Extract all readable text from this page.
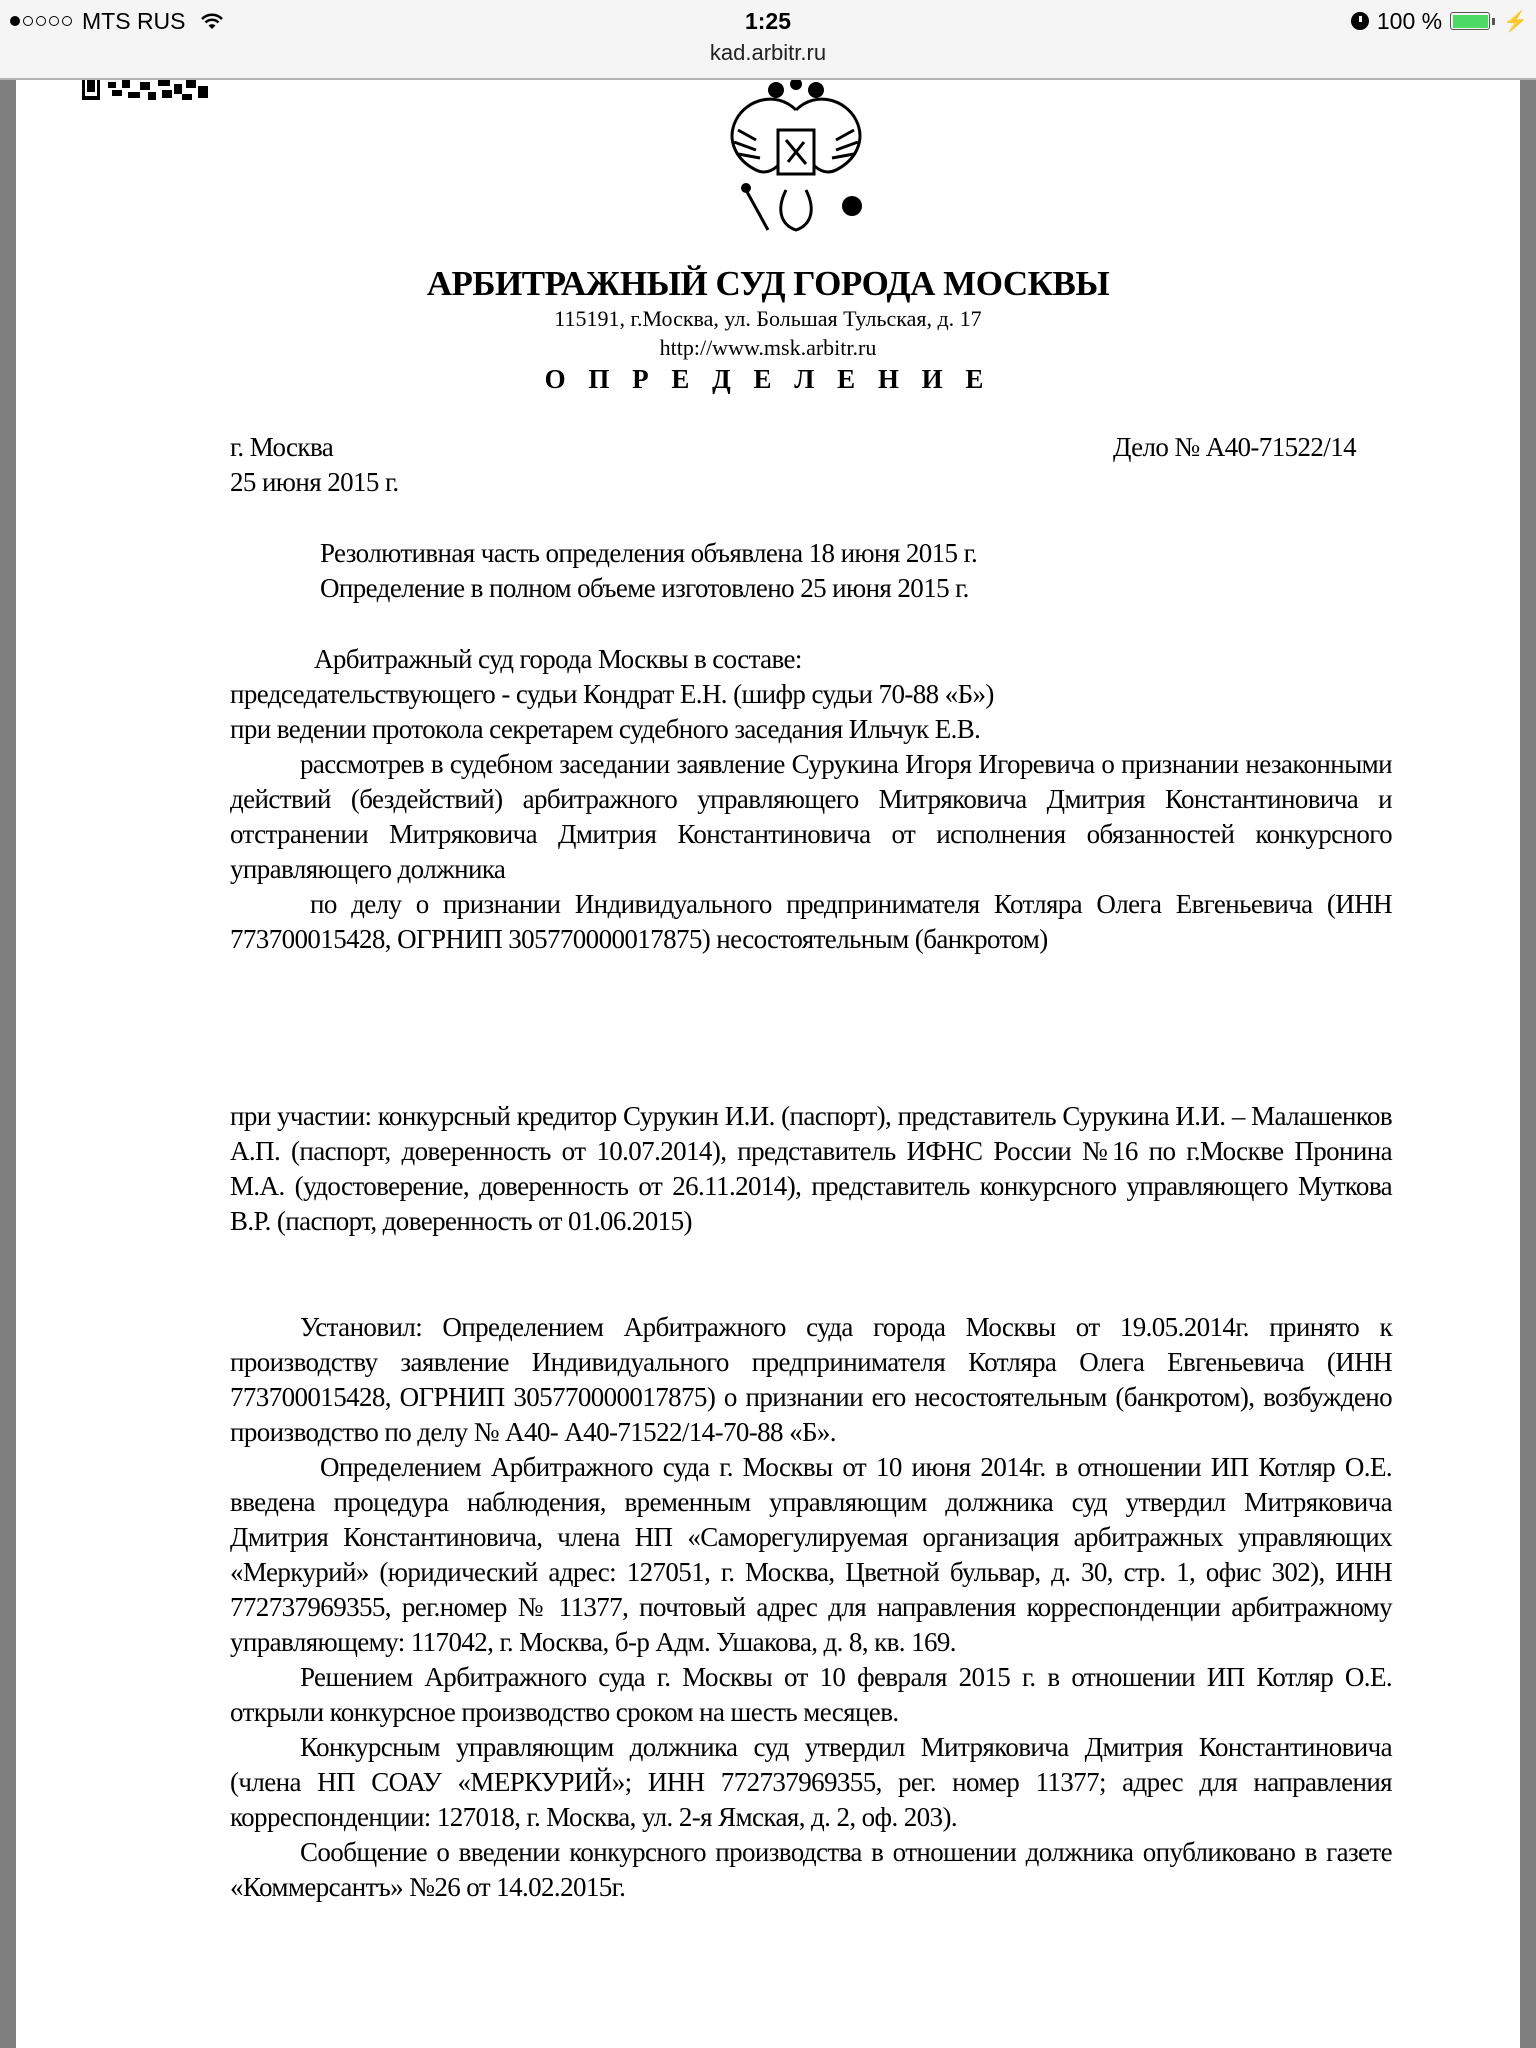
MTS RUS	1:25	100 %	⚡
kad.arbitr.ru
АРБИТРАЖНЫЙ СУД ГОРОДА МОСКВЫ
115191, г.Москва, ул. Большая Тульская, д. 17
http://www.msk.arbitr.ru
О П Р Е Д Е Л Е Н И Е
г. Москва
25 июня 2015 г.
Дело № А40-71522/14
Резолютивная часть определения объявлена 18 июня 2015 г.
Определение в полном объеме изготовлено 25 июня 2015 г.

Арбитражный суд города Москвы в составе:

председательствующего - судьи Кондрат Е.Н. (шифр судьи 70-88 «Б»)

при ведении протокола секретарем судебного заседания Ильчук Е.В.

рассмотрев в судебном заседании заявление Сурукина Игоря Игоревича о признании незаконными действий (бездействий) арбитражного управляющего Митряковича Дмитрия Константиновича и отстранении Митряковича Дмитрия Константиновича от исполнения обязанностей конкурсного управляющего должника

по делу о признании Индивидуального предпринимателя Котляра Олега Евгеньевича (ИНН 773700015428, ОГРНИП 305770000017875) несостоятельным (банкротом)

при участии: конкурсный кредитор Сурукин И.И. (паспорт), представитель Сурукина И.И. – Малашенков А.П. (паспорт, доверенность от 10.07.2014), представитель ИФНС России №16 по г.Москве Пронина М.А. (удостоверение, доверенность от 26.11.2014), представитель конкурсного управляющего Муткова В.Р. (паспорт, доверенность от 01.06.2015)

Установил: Определением Арбитражного суда города Москвы от 19.05.2014г. принято к производству заявление Индивидуального предпринимателя Котляра Олега Евгеньевича (ИНН 773700015428, ОГРНИП 305770000017875) о признании его несостоятельным (банкротом), возбуждено производство по делу № А40- А40-71522/14-70-88 «Б».

Определением Арбитражного суда г. Москвы от 10 июня 2014г. в отношении ИП Котляр О.Е. введена процедура наблюдения, временным управляющим должника суд утвердил Митряковича Дмитрия Константиновича, члена НП «Саморегулируемая организация арбитражных управляющих «Меркурий» (юридический адрес: 127051, г. Москва, Цветной бульвар, д. 30, стр. 1, офис 302), ИНН 772737969355, рег.номер № 11377, почтовый адрес для направления корреспонденции арбитражному управляющему: 117042, г. Москва, б-р Адм. Ушакова, д. 8, кв. 169.

Решением Арбитражного суда г. Москвы от 10 февраля 2015 г. в отношении ИП Котляр О.Е. открыли конкурсное производство сроком на шесть месяцев.

Конкурсным управляющим должника суд утвердил Митряковича Дмитрия Константиновича (члена НП СОАУ «МЕРКУРИЙ»; ИНН 772737969355, рег. номер 11377; адрес для направления корреспонденции: 127018, г. Москва, ул. 2-я Ямская, д. 2, оф. 203).

Сообщение о введении конкурсного производства в отношении должника опубликовано в газете «Коммерсантъ» №26 от 14.02.2015г.
